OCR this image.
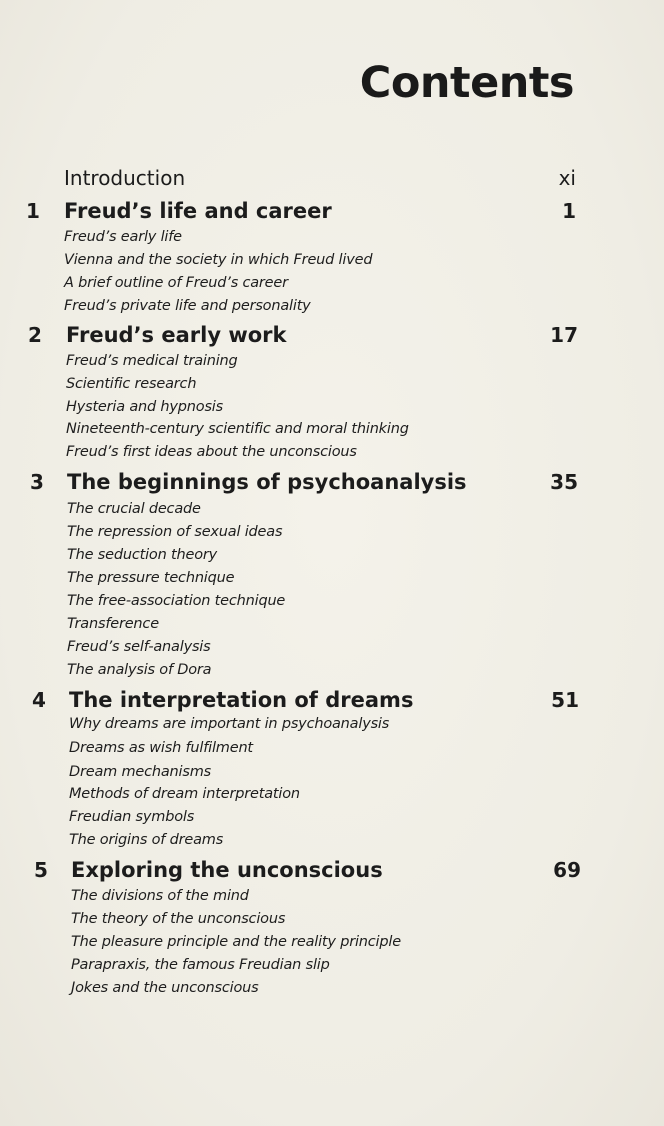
Contents
Introduction	xi
1	Freud’s life and career	1
Freud’s early life
Vienna and the society in which Freud lived
A brief outline of Freud’s career
Freud’s private life and personality
2	Freud’s early work	17
Freud’s medical training
Scientific research
Hysteria and hypnosis
Nineteenth-century scientific and moral thinking
Freud’s first ideas about the unconscious
3	The beginnings of psychoanalysis	35
The crucial decade
The repression of sexual ideas
The seduction theory
The pressure technique
The free-association technique
Transference
Freud’s self-analysis
The analysis of Dora
4	The interpretation of dreams	51
Why dreams are important in psychoanalysis
Dreams as wish fulfilment
Dream mechanisms
Methods of dream interpretation
Freudian symbols
The origins of dreams
5	Exploring the unconscious	69
The divisions of the mind
The theory of the unconscious
The pleasure principle and the reality principle
Parapraxis, the famous Freudian slip
Jokes and the unconscious
